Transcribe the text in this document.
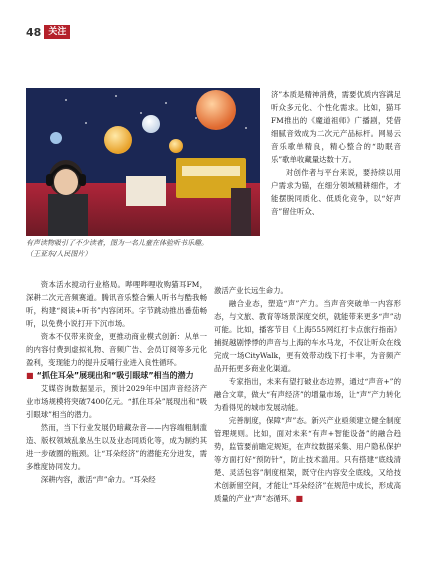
48 关注
有声读物吸引了不少读者，图为一名儿童在体验听书乐趣。
（王亚东/人民图片）

济”本质是精神消费，需要优质内容满足听众多元化、个性化需求。比如，猫耳FM推出的《魔道祖师》广播剧，凭借细腻音效成为二次元产品标杆。网易云音乐歌单精良，精心整合的“助眠音乐”歌单收藏量达数十万。

对创作者与平台来说，要持续以用户需求为锚，在细分领域精耕细作，才能摆脱同质化、低质化竞争，以“好声音”留住听众、

资本活水搅动行业格局。哔哩哔哩收购猫耳FM，深耕二次元音频赛道。腾讯音乐整合懒人听书与酷我畅听，构建“阅读+听书”内容闭环。字节跳动推出番茄畅听，以免费小说打开下沉市场。

资本不仅带来资金，更推动商业模式创新：从单一的内容付费到虚拟礼物、音频广告、会员订阅等多元化盈利，变现能力的提升反哺行业进入良性循环。

■ “抓住耳朵”展现出和“吸引眼球”相当的潜力

艾媒咨询数据显示，预计2029年中国声音经济产业市场规模将突破7400亿元。“抓住耳朵”展现出和“吸引眼球”相当的潜力。

然而，当下行业发展仍暗藏杂音——内容端粗制滥造、版权领域乱象丛生以及业态同质化等，成为制约其进一步破圈的瓶颈。让“耳朵经济”的潜能充分迸发，需多维度协同发力。

深耕内容，激活“声”命力。“耳朵经

激活产业长远生命力。

融合业态，塑造“声”产力。当声音突破单一内容形态，与文旅、教育等场景深度交织，就能带来更多“声”动可能。比如，播客节目《上海555网红打卡点旅行指南》捕捉越剧悸悸的声音与上海的车水马龙，不仅让听众在线完成一场CityWalk，更有效带动线下打卡率，为音频产品开拓更多商业化渠道。

专家指出，未来有望打破业态边界，通过“声音+”的融合文章，做大“有声经济”的增量市场，让“声”产力转化为看得见的城市发展动能。

完善制度，保障“声”态。新兴产业亟须建立健全制度管理规则。比如，面对未来“有声+智能设备”的融合趋势，监管要前瞻定规矩，在声纹数据采集、用户隐私保护等方面打好“预防针”，防止技术滥用。只有搭建“底线清楚、灵活包容”制度框架，既守住内容安全底线，又给技术创新留空间，才能让“耳朵经济”在规范中成长，形成高质量的产业“声”态循环。■
